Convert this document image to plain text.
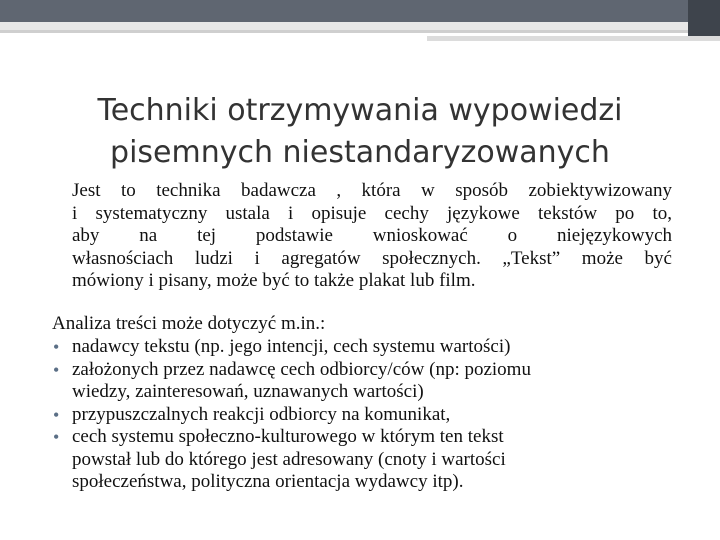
Techniki otrzymywania wypowiedzi
pisemnych niestandaryzowanych

Jest to technika badawcza , która w sposób zobiektywizowany
i systematyczny ustala i opisuje cechy językowe tekstów po to,
aby na tej podstawie wnioskować o niejęzykowych
własnościach ludzi i agregatów społecznych. „Tekst” może być
mówiony i pisany, może być to także plakat lub film.

Analiza treści może dotyczyć m.in.:

• nadawcy tekstu (np. jego intencji, cech systemu wartości)
• założonych przez nadawcę cech odbiorcy/ców (np: poziomu
wiedzy, zainteresowań, uznawanych wartości)
• przypuszczalnych reakcji odbiorcy na komunikat,
• cech systemu społeczno-kulturowego w którym ten tekst
powstał lub do którego jest adresowany (cnoty i wartości
społeczeństwa, polityczna orientacja wydawcy itp).
